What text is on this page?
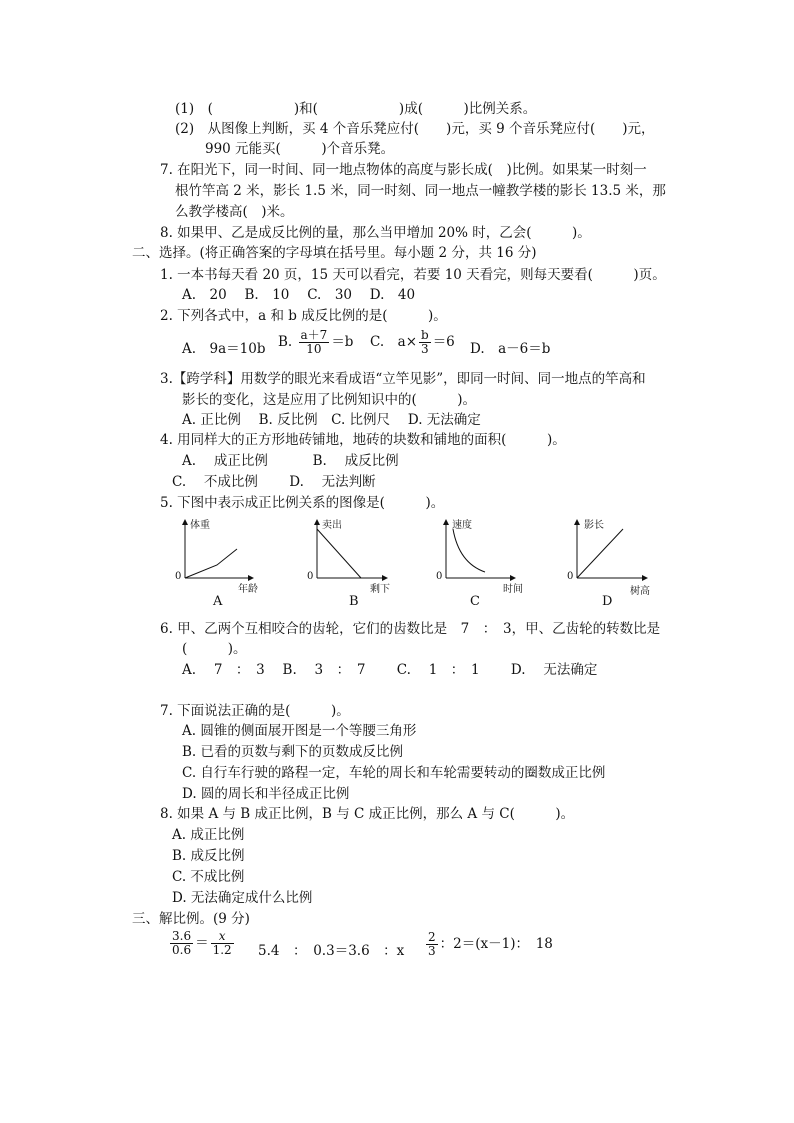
(1)　(　　　　　　)和(　　　　　　)成(　　　)比例关系。
(2)　从图像上判断，买 4 个音乐凳应付(　　)元，买 9 个音乐凳应付(　　)元，
990 元能买(　　　)个音乐凳。
7. 在阳光下，同一时间、同一地点物体的高度与影长成(　)比例。如果某一时刻一
根竹竿高 2 米，影长 1.5 米，同一时刻、同一地点一幢教学楼的影长 13.5 米，那
么教学楼高(　)米。
8. 如果甲、乙是成反比例的量，那么当甲增加 20% 时，乙会(　　　)。
二、选择。(将正确答案的字母填在括号里。每小题 2 分，共 16 分)
1. 一本书每天看 20 页，15 天可以看完，若要 10 天看完，则每天要看(　　　)页。
A.　20　 B.　10　 C.　30　 D.　40
2. 下列各式中，a 和 b 成反比例的是(　　　)。
A.　9a＝10b B. $\frac{a+7}{10} =b$ C.　$a\times \frac{b}{3} =6$ D.　a－6＝b
3.【跨学科】用数学的眼光来看成语“立竿见影”，即同一时间、同一地点的竿高和
影长的变化，这是应用了比例知识中的(　　　)。
A. 正比例　 B. 反比例　C. 比例尺　 D. 无法确定
4. 用同样大的正方形地砖铺地，地砖的块数和铺地的面积(　　　)。
A.　 成正比例　　　 B.　 成反比例
C.　 不成比例　　 D.　 无法判断
5. 下图中表示成正比例关系的图像是(　　　)。
体重
年龄
0
A
卖出
剩下
0
B
速度
时间
0
C
影长
树高
0
D
6. 甲、乙两个互相咬合的齿轮，它们的齿数比是　7　：　3，甲、乙齿轮的转数比是
(　　　)。
A.　 7　：　3　 B.　 3　：　7　　 C.　 1　：　1　　 D.　 无法确定
7. 下面说法正确的是(　　　)。
A. 圆锥的侧面展开图是一个等腰三角形
B. 已看的页数与剩下的页数成反比例
C. 自行车行驶的路程一定，车轮的周长和车轮需要转动的圈数成正比例
D. 圆的周长和半径成正比例
8. 如果 A 与 B 成正比例，B 与 C 成正比例，那么 A 与 C(　　　)。
A. 成正比例
B. 成反比例
C. 不成比例
D. 无法确定成什么比例
三、解比例。(9 分)
$\frac{3.6}{0.6} = \frac{x}{1.2} 5.4$　：　0.3＝3.6　：x $\frac{2}{3}$ ：2＝(x－1)：　18
